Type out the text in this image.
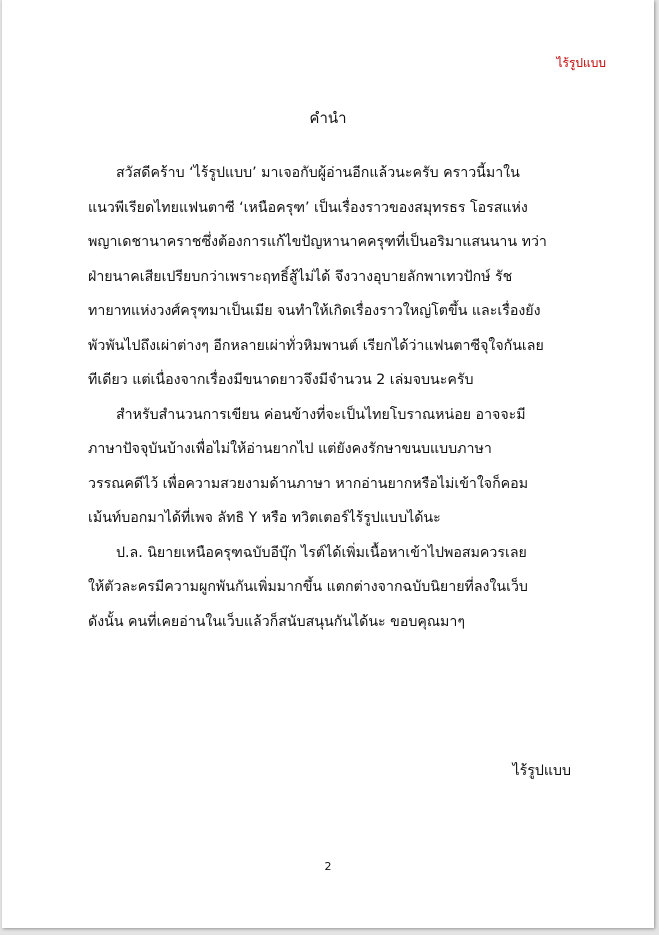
ไร้รูปแบบ
คำนำ

สวัสดีคร้าบ ‘ไร้รูปแบบ’ มาเจอกับผู้อ่านอีกแล้วนะครับ คราวนี้มาใน
แนวพีเรียดไทยแฟนตาซี ‘เหนือครุฑ’ เป็นเรื่องราวของสมุทรธร โอรสแห่ง
พญาเดชานาคราชซึ่งต้องการแก้ไขปัญหานาคครุฑที่เป็นอริมาแสนนาน ทว่า
ฝ่ายนาคเสียเปรียบกว่าเพราะฤทธิ์สู้ไม่ได้ จึงวางอุบายลักพาเทวปักษ์ รัช
ทายาทแห่งวงศ์ครุฑมาเป็นเมีย จนทำให้เกิดเรื่องราวใหญ่โตขึ้น และเรื่องยัง
พัวพันไปถึงเผ่าต่างๆ อีกหลายเผ่าทั่วหิมพานต์ เรียกได้ว่าแฟนตาซีจุใจกันเลย
ทีเดียว แต่เนื่องจากเรื่องมีขนาดยาวจึงมีจำนวน 2 เล่มจบนะครับ

สำหรับสำนวนการเขียน ค่อนข้างที่จะเป็นไทยโบราณหน่อย อาจจะมี
ภาษาปัจจุบันบ้างเพื่อไม่ให้อ่านยากไป แต่ยังคงรักษาขนบแบบภาษา
วรรณคดีไว้ เพื่อความสวยงามด้านภาษา หากอ่านยากหรือไม่เข้าใจก็คอม
เม้นท์บอกมาได้ที่เพจ ลัทธิ Y หรือ ทวิตเตอร์ไร้รูปแบบได้นะ

ป.ล. นิยายเหนือครุฑฉบับอีบุ๊ก ไรต์ได้เพิ่มเนื้อหาเข้าไปพอสมควรเลย
ให้ตัวละครมีความผูกพันกันเพิ่มมากขึ้น แตกต่างจากฉบับนิยายที่ลงในเว็บ
ดังนั้น คนที่เคยอ่านในเว็บแล้วก็สนับสนุนกันได้นะ ขอบคุณมาๆ

ไร้รูปแบบ
2
